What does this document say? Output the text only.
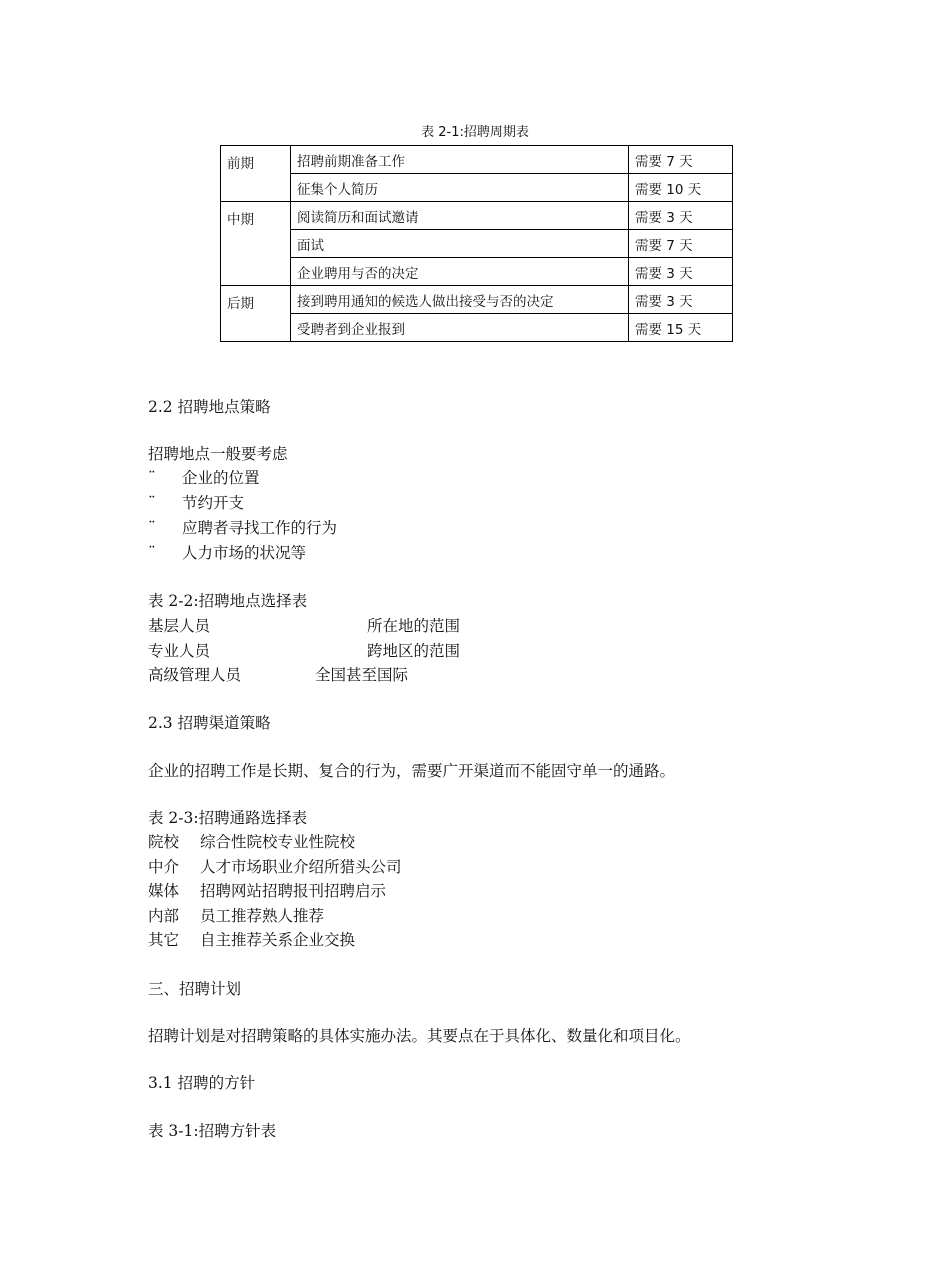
表 2-1:招聘周期表
前期	招聘前期准备工作	需要 7 天
	征集个人简历	需要 10 天
中期	阅读简历和面试邀请	需要 3 天
	面试	需要 7 天
	企业聘用与否的决定	需要 3 天
后期	接到聘用通知的候选人做出接受与否的决定	需要 3 天
	受聘者到企业报到	需要 15 天
2.2 招聘地点策略
招聘地点一般要考虑
¨ 企业的位置
¨ 节约开支
¨ 应聘者寻找工作的行为
¨ 人力市场的状况等
表 2-2:招聘地点选择表
基层人员	所在地的范围
专业人员	跨地区的范围
高级管理人员	全国甚至国际
2.3 招聘渠道策略
企业的招聘工作是长期、复合的行为，需要广开渠道而不能固守单一的通路。
表 2-3:招聘通路选择表
院校 综合性院校专业性院校
中介 人才市场职业介绍所猎头公司
媒体 招聘网站招聘报刊招聘启示
内部 员工推荐熟人推荐
其它 自主推荐关系企业交换
三、招聘计划
招聘计划是对招聘策略的具体实施办法。其要点在于具体化、数量化和项目化。
3.1 招聘的方针
表 3-1:招聘方针表
